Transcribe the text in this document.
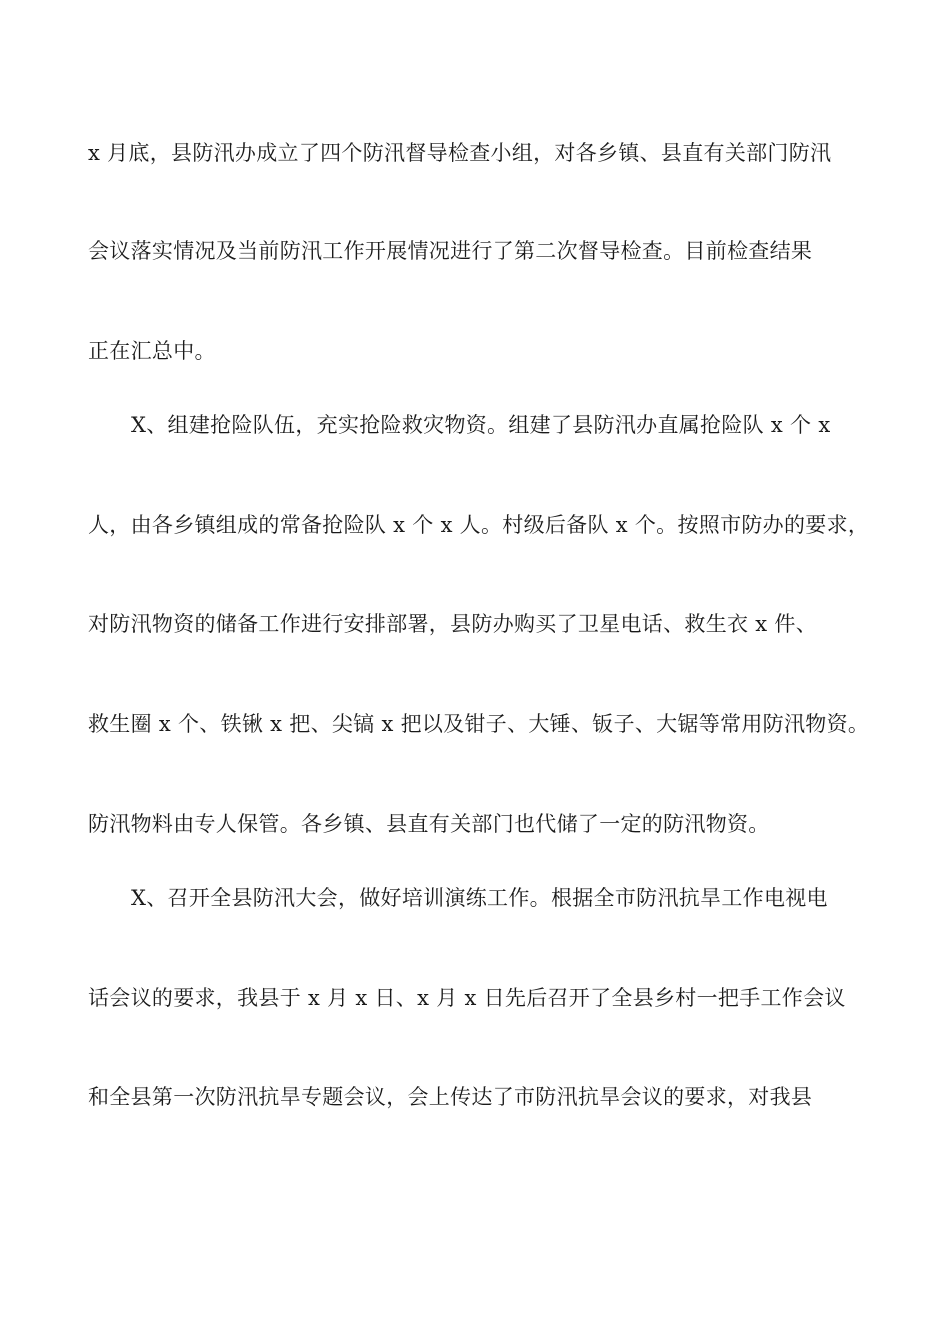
x 月底，县防汛办成立了四个防汛督导检查小组，对各乡镇、县直有关部门防汛
会议落实情况及当前防汛工作开展情况进行了第二次督导检查。目前检查结果
正在汇总中。
X、组建抢险队伍，充实抢险救灾物资。组建了县防汛办直属抢险队 x 个 x
人，由各乡镇组成的常备抢险队 x 个 x 人。村级后备队 x 个。按照市防办的要求，
对防汛物资的储备工作进行安排部署，县防办购买了卫星电话、救生衣 x 件、
救生圈 x 个、铁锹 x 把、尖镐 x 把以及钳子、大锤、钣子、大锯等常用防汛物资。
防汛物料由专人保管。各乡镇、县直有关部门也代储了一定的防汛物资。
X、召开全县防汛大会，做好培训演练工作。根据全市防汛抗旱工作电视电
话会议的要求，我县于 x 月 x 日、x 月 x 日先后召开了全县乡村一把手工作会议
和全县第一次防汛抗旱专题会议，会上传达了市防汛抗旱会议的要求，对我县
